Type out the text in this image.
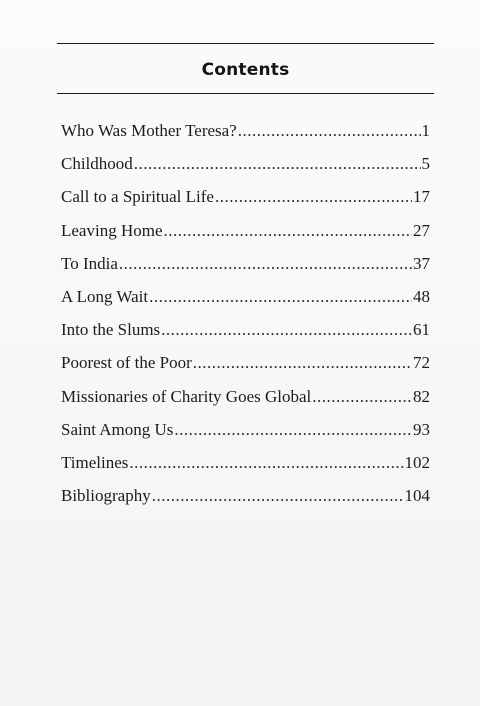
Contents
Who Was Mother Teresa? .....	1
Childhood .....	5
Call to a Spiritual Life .....	17
Leaving Home .....	27
To India .....	37
A Long Wait .....	48
Into the Slums .....	61
Poorest of the Poor .....	72
Missionaries of Charity Goes Global .....	82
Saint Among Us .....	93
Timelines .....	102
Bibliography .....	104
